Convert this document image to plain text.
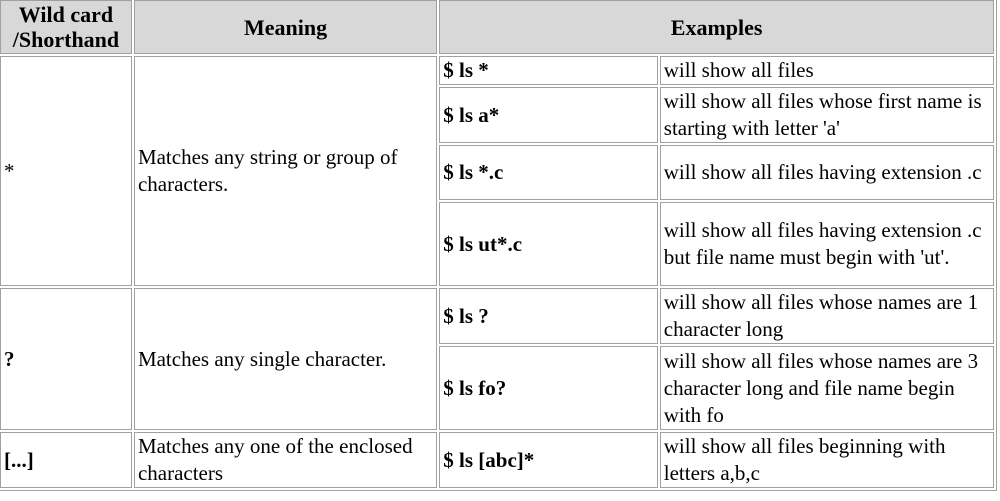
Wild card
/Shorthand	Meaning	Examples	
*	Matches any string or group of characters.	$ ls *	will show all files
		$ ls a*	will show all files whose first name is starting with letter 'a'
		$ ls *.c	will show all files having extension .c
		$ ls ut*.c	will show all files having extension .c but file name must begin with 'ut'.
?	Matches any single character.	$ ls ?	will show all files whose names are 1 character long
		$ ls fo?	will show all files whose names are 3 character long and file name begin with fo
[...]	Matches any one of the enclosed characters	$ ls [abc]*	will show all files beginning with letters a,b,c
